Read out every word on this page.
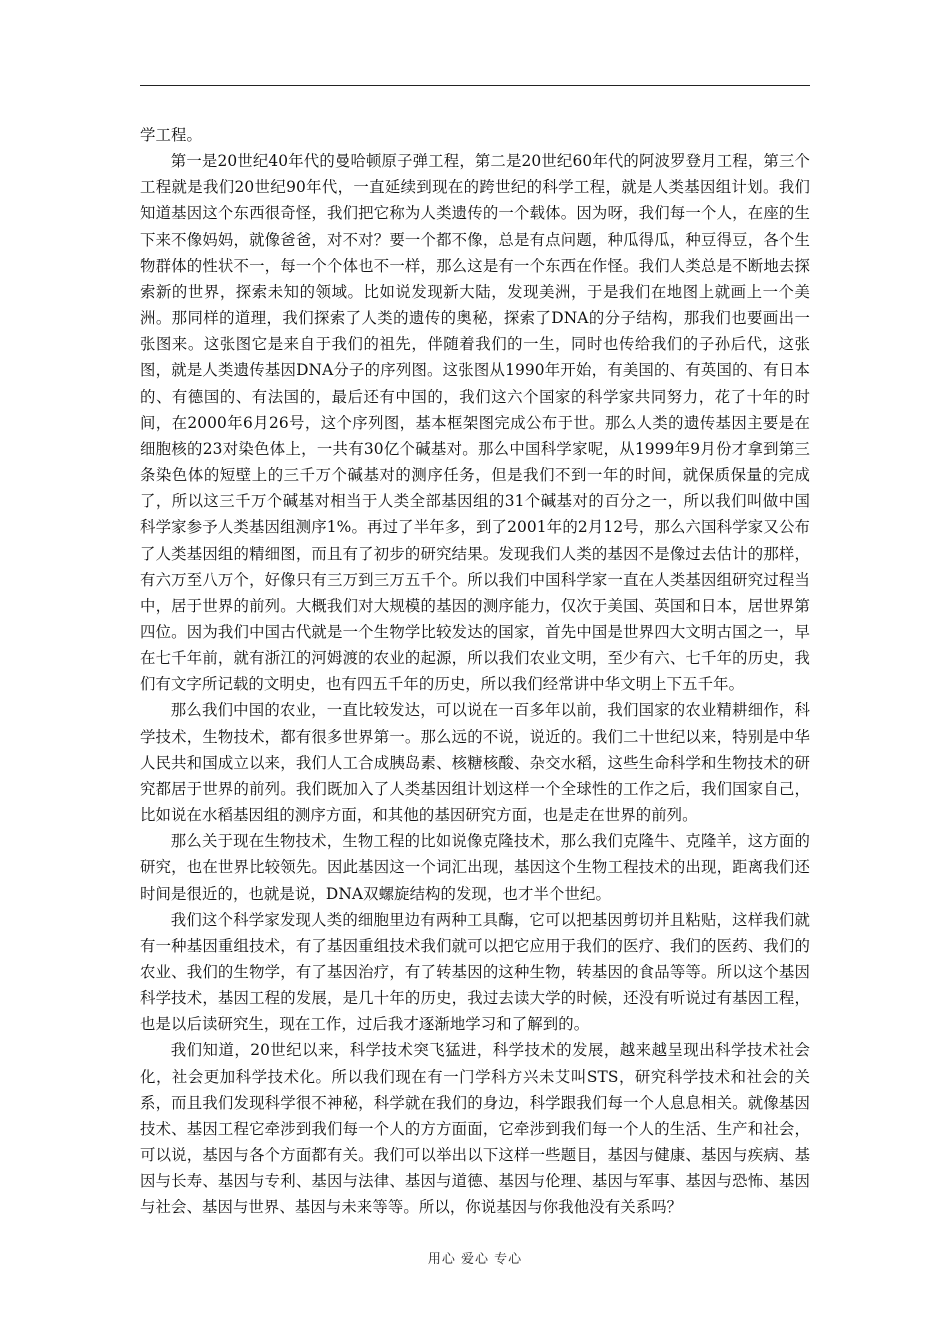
学工程。

第一是20世纪40年代的曼哈顿原子弹工程，第二是20世纪60年代的阿波罗登月工程，第三个工程就是我们20世纪90年代，一直延续到现在的跨世纪的科学工程，就是人类基因组计划。我们知道基因这个东西很奇怪，我们把它称为人类遗传的一个载体。因为呀，我们每一个人，在座的生下来不像妈妈，就像爸爸，对不对？要一个都不像，总是有点问题，种瓜得瓜，种豆得豆，各个生物群体的性状不一，每一个个体也不一样，那么这是有一个东西在作怪。我们人类总是不断地去探索新的世界，探索未知的领域。比如说发现新大陆，发现美洲，于是我们在地图上就画上一个美洲。那同样的道理，我们探索了人类的遗传的奥秘，探索了DNA的分子结构，那我们也要画出一张图来。这张图它是来自于我们的祖先，伴随着我们的一生，同时也传给我们的子孙后代，这张图，就是人类遗传基因DNA分子的序列图。这张图从1990年开始，有美国的、有英国的、有日本的、有德国的、有法国的，最后还有中国的，我们这六个国家的科学家共同努力，花了十年的时间，在2000年6月26号，这个序列图，基本框架图完成公布于世。那么人类的遗传基因主要是在细胞核的23对染色体上，一共有30亿个碱基对。那么中国科学家呢，从1999年9月份才拿到第三条染色体的短壁上的三千万个碱基对的测序任务，但是我们不到一年的时间，就保质保量的完成了，所以这三千万个碱基对相当于人类全部基因组的31个碱基对的百分之一，所以我们叫做中国科学家参予人类基因组测序1%。再过了半年多，到了2001年的2月12号，那么六国科学家又公布了人类基因组的精细图，而且有了初步的研究结果。发现我们人类的基因不是像过去估计的那样，有六万至八万个，好像只有三万到三万五千个。所以我们中国科学家一直在人类基因组研究过程当中，居于世界的前列。大概我们对大规模的基因的测序能力，仅次于美国、英国和日本，居世界第四位。因为我们中国古代就是一个生物学比较发达的国家，首先中国是世界四大文明古国之一，早在七千年前，就有浙江的河姆渡的农业的起源，所以我们农业文明，至少有六、七千年的历史，我们有文字所记载的文明史，也有四五千年的历史，所以我们经常讲中华文明上下五千年。

那么我们中国的农业，一直比较发达，可以说在一百多年以前，我们国家的农业精耕细作，科学技术，生物技术，都有很多世界第一。那么远的不说，说近的。我们二十世纪以来，特别是中华人民共和国成立以来，我们人工合成胰岛素、核糖核酸、杂交水稻，这些生命科学和生物技术的研究都居于世界的前列。我们既加入了人类基因组计划这样一个全球性的工作之后，我们国家自己，比如说在水稻基因组的测序方面，和其他的基因研究方面，也是走在世界的前列。

那么关于现在生物技术，生物工程的比如说像克隆技术，那么我们克隆牛、克隆羊，这方面的研究，也在世界比较领先。因此基因这一个词汇出现，基因这个生物工程技术的出现，距离我们还时间是很近的，也就是说，DNA双螺旋结构的发现，也才半个世纪。

我们这个科学家发现人类的细胞里边有两种工具酶，它可以把基因剪切并且粘贴，这样我们就有一种基因重组技术，有了基因重组技术我们就可以把它应用于我们的医疗、我们的医药、我们的农业、我们的生物学，有了基因治疗，有了转基因的这种生物，转基因的食品等等。所以这个基因科学技术，基因工程的发展，是几十年的历史，我过去读大学的时候，还没有听说过有基因工程，也是以后读研究生，现在工作，过后我才逐渐地学习和了解到的。

我们知道，20世纪以来，科学技术突飞猛进，科学技术的发展，越来越呈现出科学技术社会化，社会更加科学技术化。所以我们现在有一门学科方兴未艾叫STS，研究科学技术和社会的关系，而且我们发现科学很不神秘，科学就在我们的身边，科学跟我们每一个人息息相关。就像基因技术、基因工程它牵涉到我们每一个人的方方面面，它牵涉到我们每一个人的生活、生产和社会，可以说，基因与各个方面都有关。我们可以举出以下这样一些题目，基因与健康、基因与疾病、基因与长寿、基因与专利、基因与法律、基因与道德、基因与伦理、基因与军事、基因与恐怖、基因与社会、基因与世界、基因与未来等等。所以，你说基因与你我他没有关系吗？

用心 爱心 专心
